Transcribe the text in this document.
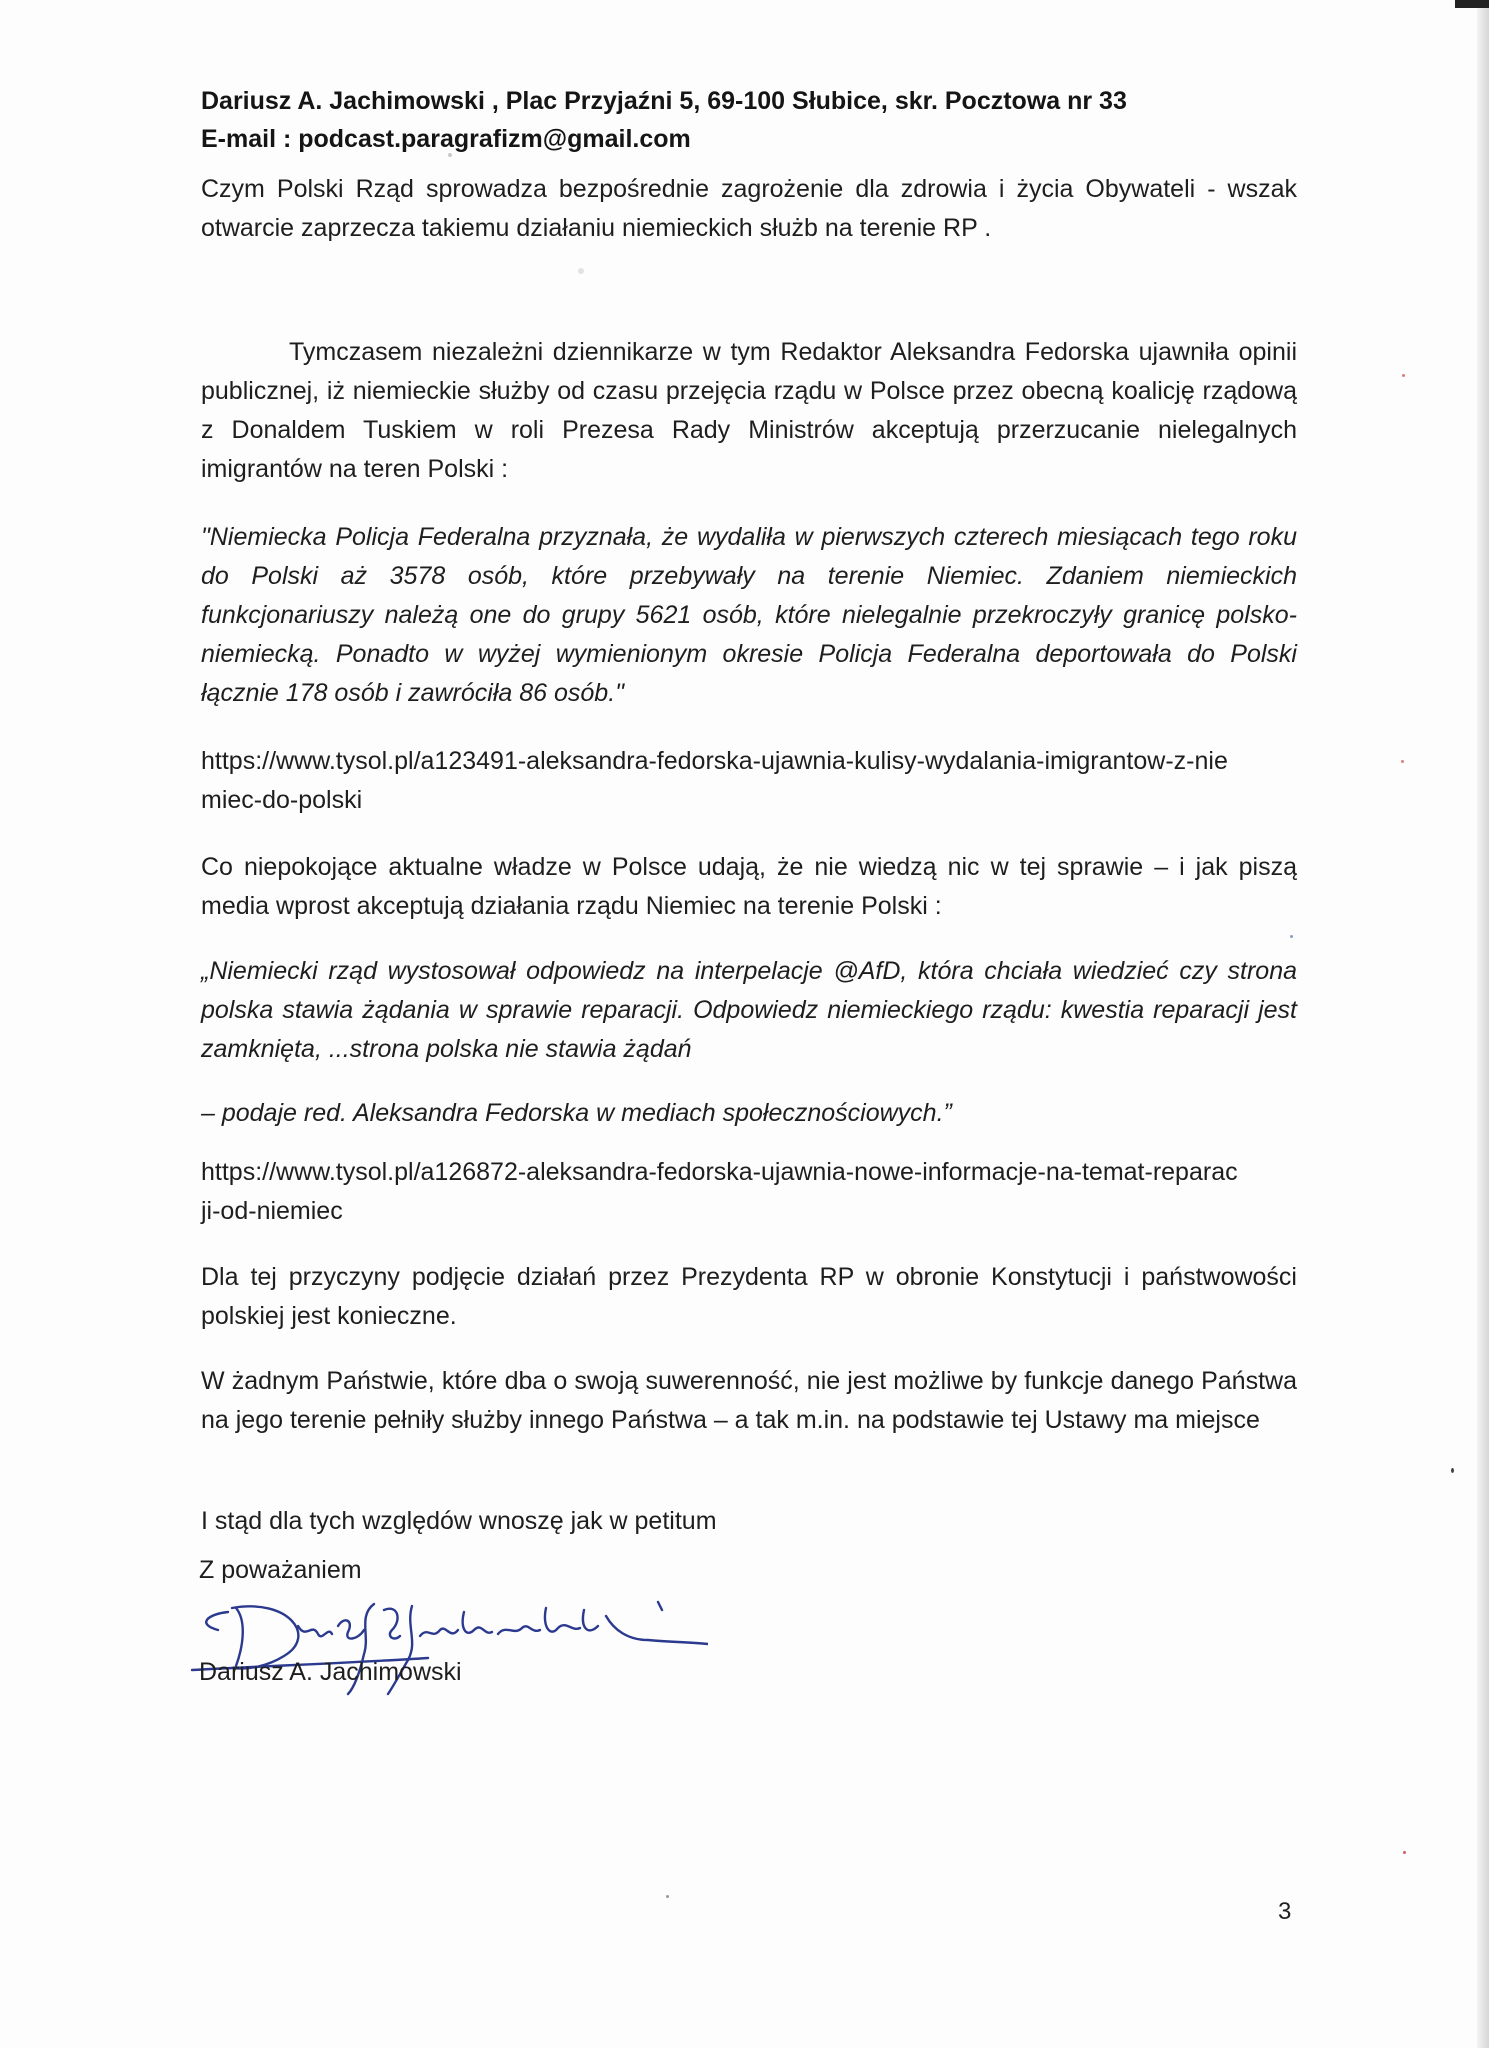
Dariusz A. Jachimowski , Plac Przyjaźni 5, 69-100 Słubice, skr. Pocztowa nr 33
E-mail : podcast.paragrafizm@gmail.com
Czym Polski Rząd sprowadza bezpośrednie zagrożenie dla zdrowia i życia Obywateli - wszak otwarcie zaprzecza takiemu działaniu niemieckich służb na terenie RP .
Tymczasem niezależni dziennikarze w tym Redaktor Aleksandra Fedorska ujawniła opinii publicznej, iż niemieckie służby od czasu przejęcia rządu w Polsce przez obecną koalicję rządową z Donaldem Tuskiem w roli Prezesa Rady Ministrów akceptują przerzucanie nielegalnych imigrantów na teren Polski :
"Niemiecka Policja Federalna przyznała, że wydaliła w pierwszych czterech miesiącach tego roku do Polski aż 3578 osób, które przebywały na terenie Niemiec. Zdaniem niemieckich funkcjonariuszy należą one do grupy 5621 osób, które nielegalnie przekroczyły granicę polsko-niemiecką. Ponadto w wyżej wymienionym okresie Policja Federalna deportowała do Polski łącznie 178 osób i zawróciła 86 osób."
https://www.tysol.pl/a123491-aleksandra-fedorska-ujawnia-kulisy-wydalania-imigrantow-z-niemiec-do-polski
Co niepokojące aktualne władze w Polsce udają, że nie wiedzą nic w tej sprawie – i jak piszą media wprost akceptują działania rządu Niemiec na terenie Polski :
„Niemiecki rząd wystosował odpowiedz na interpelacje @AfD, która chciała wiedzieć czy strona polska stawia żądania w sprawie reparacji. Odpowiedz niemieckiego rządu: kwestia reparacji jest zamknięta, ...strona polska nie stawia żądań
– podaje red. Aleksandra Fedorska w mediach społecznościowych.”
https://www.tysol.pl/a126872-aleksandra-fedorska-ujawnia-nowe-informacje-na-temat-reparacji-od-niemiec
Dla tej przyczyny podjęcie działań przez Prezydenta RP w obronie Konstytucji i państwowości polskiej jest konieczne.
W żadnym Państwie, które dba o swoją suwerenność, nie jest możliwe by funkcje danego Państwa na jego terenie pełniły służby innego Państwa – a tak m.in. na podstawie tej Ustawy ma miejsce
I stąd dla tych względów wnoszę jak w petitum
Z poważaniem
Dariusz A. Jachimowski
3
